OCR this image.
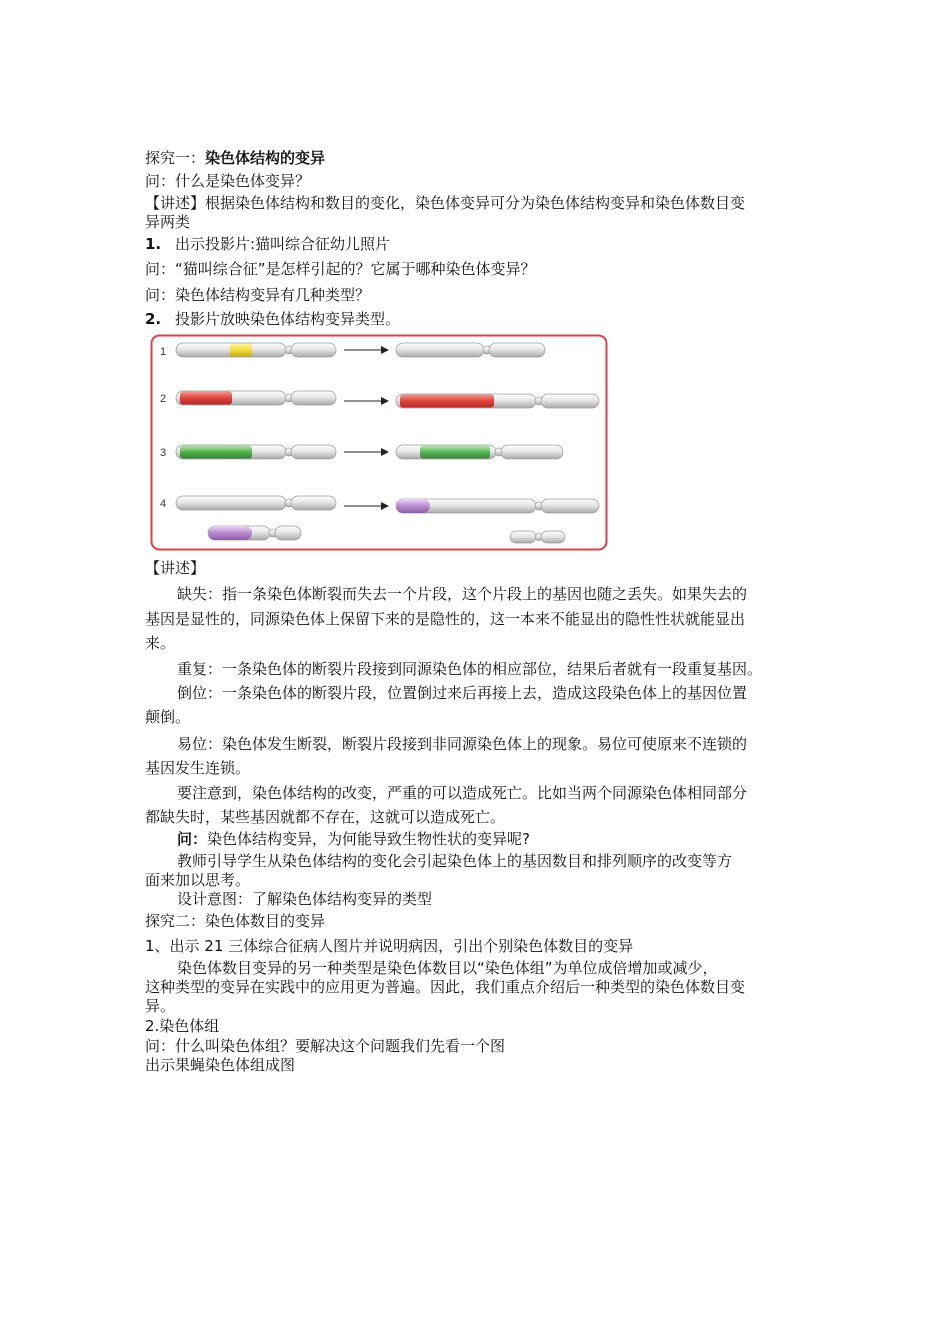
探究一：染色体结构的变异
问：什么是染色体变异？
【讲述】根据染色体结构和数目的变化，染色体变异可分为染色体结构变异和染色体数目变
异两类
1. 出示投影片:猫叫综合征幼儿照片
问：“猫叫综合征”是怎样引起的？它属于哪种染色体变异？
问：染色体结构变异有几种类型？
2. 投影片放映染色体结构变异类型。
1
2
3
4
【讲述】
缺失：指一条染色体断裂而失去一个片段，这个片段上的基因也随之丢失。如果失去的
基因是显性的，同源染色体上保留下来的是隐性的，这一本来不能显出的隐性性状就能显出
来。
重复：一条染色体的断裂片段接到同源染色体的相应部位，结果后者就有一段重复基因。
倒位：一条染色体的断裂片段，位置倒过来后再接上去，造成这段染色体上的基因位置
颠倒。
易位：染色体发生断裂，断裂片段接到非同源染色体上的现象。易位可使原来不连锁的
基因发生连锁。
要注意到，染色体结构的改变，严重的可以造成死亡。比如当两个同源染色体相同部分
都缺失时，某些基因就都不存在，这就可以造成死亡。
问：染色体结构变异，为何能导致生物性状的变异呢?
教师引导学生从染色体结构的变化会引起染色体上的基因数目和排列顺序的改变等方
面来加以思考。
设计意图：了解染色体结构变异的类型
探究二：染色体数目的变异
1、出示 21 三体综合征病人图片并说明病因，引出个别染色体数目的变异
染色体数目变异的另一种类型是染色体数目以“染色体组”为单位成倍增加或减少，
这种类型的变异在实践中的应用更为普遍。因此，我们重点介绍后一种类型的染色体数目变
异。
2.染色体组
问：什么叫染色体组？要解决这个问题我们先看一个图
出示果蝇染色体组成图
